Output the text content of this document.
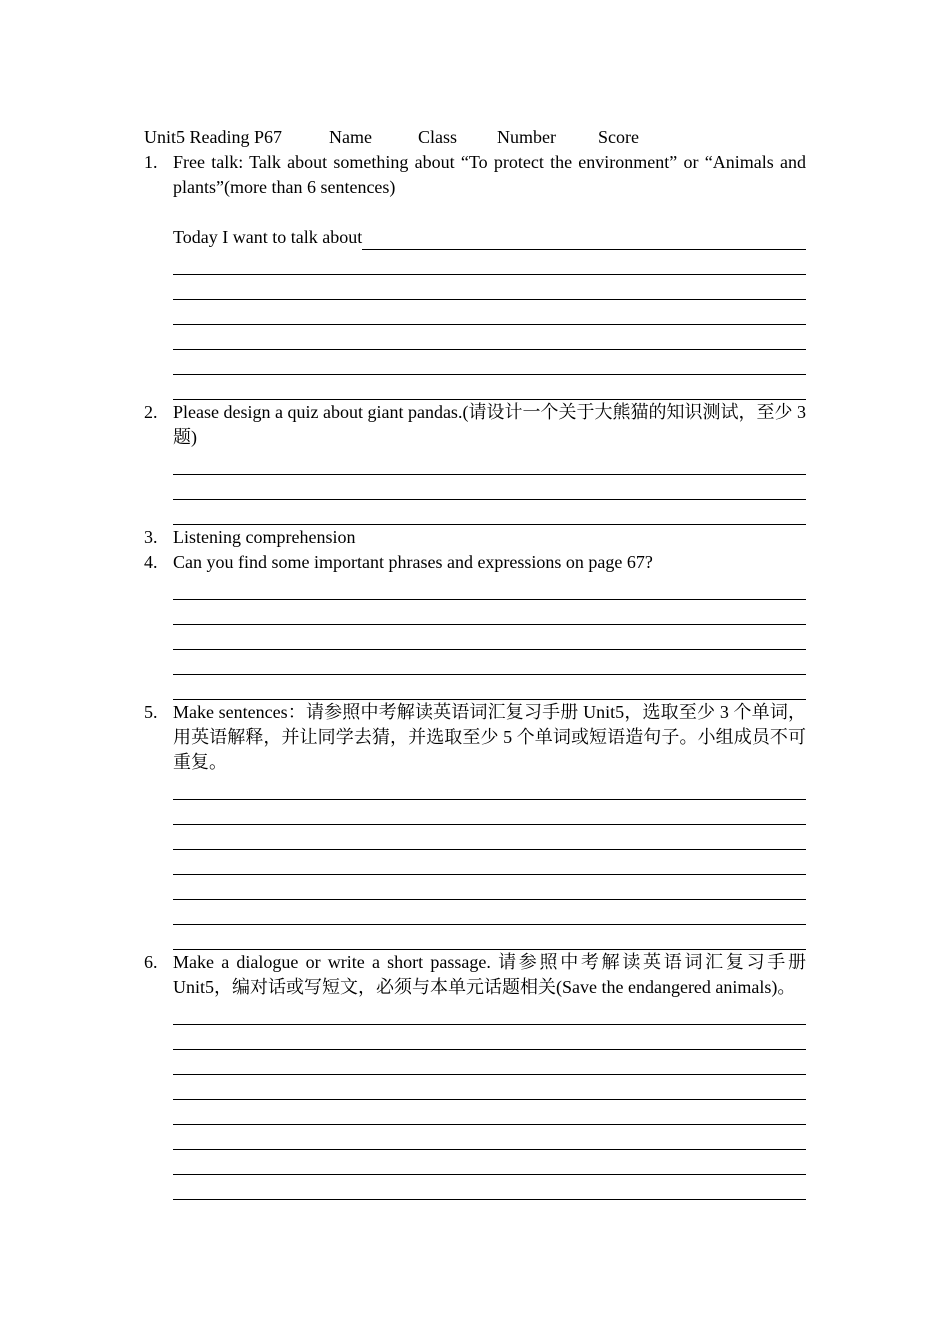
Unit5 Reading P67	Name	Class	Number	Score
1. Free talk: Talk about something about “To protect the environment” or “Animals and plants”(more than 6 sentences)
Today I want to talk about
2. Please design a quiz about giant pandas.(请设计一个关于大熊猫的知识测试，至少 3 题)
3. Listening comprehension
4. Can you find some important phrases and expressions on page 67?
5. Make sentences：请参照中考解读英语词汇复习手册 Unit5，选取至少 3 个单词，用英语解释，并让同学去猜，并选取至少 5 个单词或短语造句子。小组成员不可重复。
6. Make a dialogue or write a short passage. 请参照中考解读英语词汇复习手册 Unit5，编对话或写短文，必须与本单元话题相关(Save the endangered animals)。
